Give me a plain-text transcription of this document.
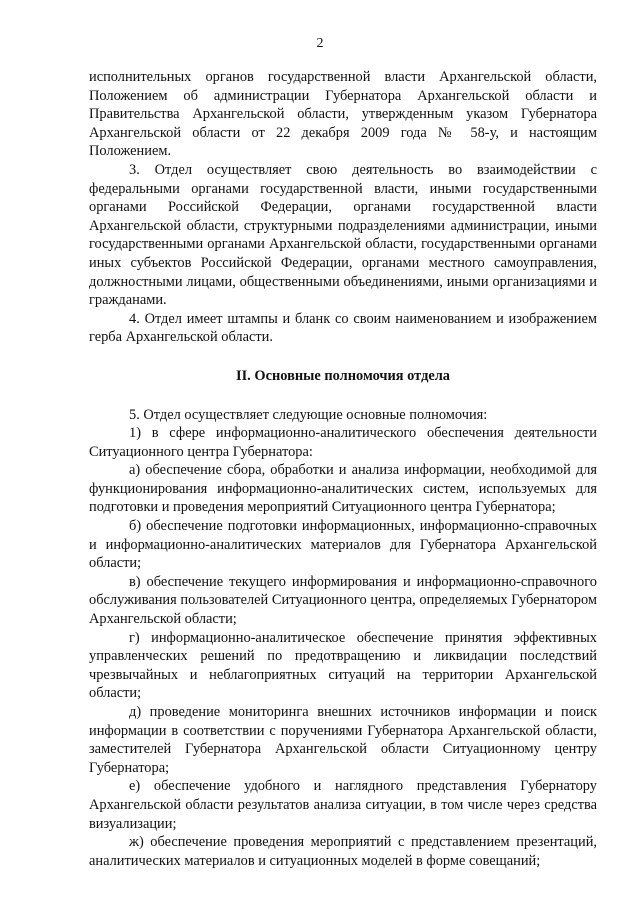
2

исполнительных органов государственной власти Архангельской области, Положением об администрации Губернатора Архангельской области и Правительства Архангельской области, утвержденным указом Губернатора Архангельской области от 22 декабря 2009 года № 58-у, и настоящим Положением.

3. Отдел осуществляет свою деятельность во взаимодействии с федеральными органами государственной власти, иными государственными органами Российской Федерации, органами государственной власти Архангельской области, структурными подразделениями администрации, иными государственными органами Архангельской области, государственными органами иных субъектов Российской Федерации, органами местного самоуправления, должностными лицами, общественными объединениями, иными организациями и гражданами.

4. Отдел имеет штампы и бланк со своим наименованием и изображением герба Архангельской области.

II. Основные полномочия отдела

5. Отдел осуществляет следующие основные полномочия:

1) в сфере информационно-аналитического обеспечения деятельности Ситуационного центра Губернатора:

а) обеспечение сбора, обработки и анализа информации, необходимой для функционирования информационно-аналитических систем, используемых для подготовки и проведения мероприятий Ситуационного центра Губернатора;

б) обеспечение подготовки информационных, информационно-справочных и информационно-аналитических материалов для Губернатора Архангельской области;

в) обеспечение текущего информирования и информационно-справочного обслуживания пользователей Ситуационного центра, определяемых Губернатором Архангельской области;

г) информационно-аналитическое обеспечение принятия эффективных управленческих решений по предотвращению и ликвидации последствий чрезвычайных и неблагоприятных ситуаций на территории Архангельской области;

д) проведение мониторинга внешних источников информации и поиск информации в соответствии с поручениями Губернатора Архангельской области, заместителей Губернатора Архангельской области Ситуационному центру Губернатора;

е) обеспечение удобного и наглядного представления Губернатору Архангельской области результатов анализа ситуации, в том числе через средства визуализации;

ж) обеспечение проведения мероприятий с представлением презентаций, аналитических материалов и ситуационных моделей в форме совещаний;
